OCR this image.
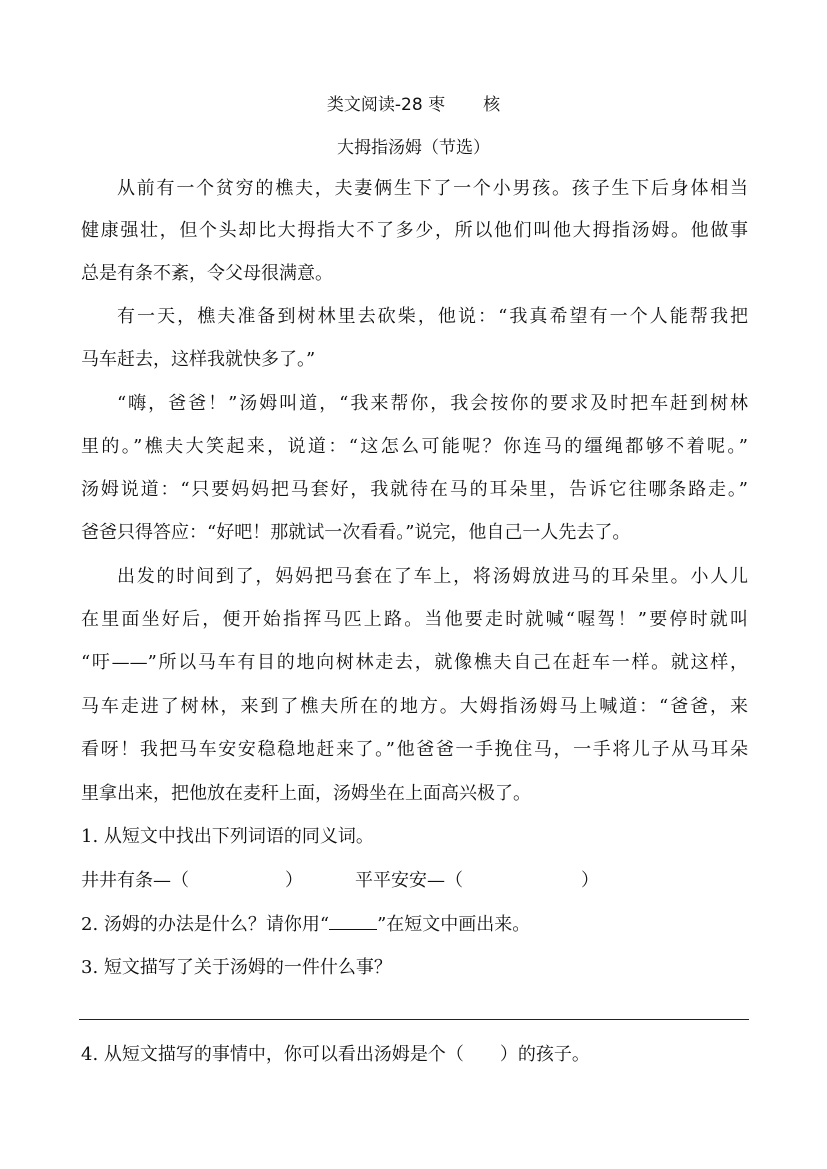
类文阅读-28 枣 核
大拇指汤姆（节选）
从前有一个贫穷的樵夫，夫妻俩生下了一个小男孩。孩子生下后身体相当
健康强壮，但个头却比大拇指大不了多少，所以他们叫他大拇指汤姆。他做事
总是有条不紊，令父母很满意。
有一天，樵夫准备到树林里去砍柴，他说：“我真希望有一个人能帮我把
马车赶去，这样我就快多了。”
“嗨，爸爸！”汤姆叫道，“我来帮你，我会按你的要求及时把车赶到树林
里的。”樵夫大笑起来，说道：“这怎么可能呢？你连马的缰绳都够不着呢。”
汤姆说道：“只要妈妈把马套好，我就待在马的耳朵里，告诉它往哪条路走。”
爸爸只得答应：“好吧！那就试一次看看。”说完，他自己一人先去了。
出发的时间到了，妈妈把马套在了车上，将汤姆放进马的耳朵里。小人儿
在里面坐好后，便开始指挥马匹上路。当他要走时就喊“喔驾！”要停时就叫
“吁——”所以马车有目的地向树林走去，就像樵夫自己在赶车一样。就这样，
马车走进了树林，来到了樵夫所在的地方。大姆指汤姆马上喊道：“爸爸，来
看呀！我把马车安安稳稳地赶来了。”他爸爸一手挽住马，一手将儿子从马耳朵
里拿出来，把他放在麦秆上面，汤姆坐在上面高兴极了。
1. 从短文中找出下列词语的同义词。
井井有条—（	）	平平安安—（	）
2. 汤姆的办法是什么？请你用“	”在短文中画出来。
3. 短文描写了关于汤姆的一件什么事？
4. 从短文描写的事情中，你可以看出汤姆是个（ ）的孩子。
